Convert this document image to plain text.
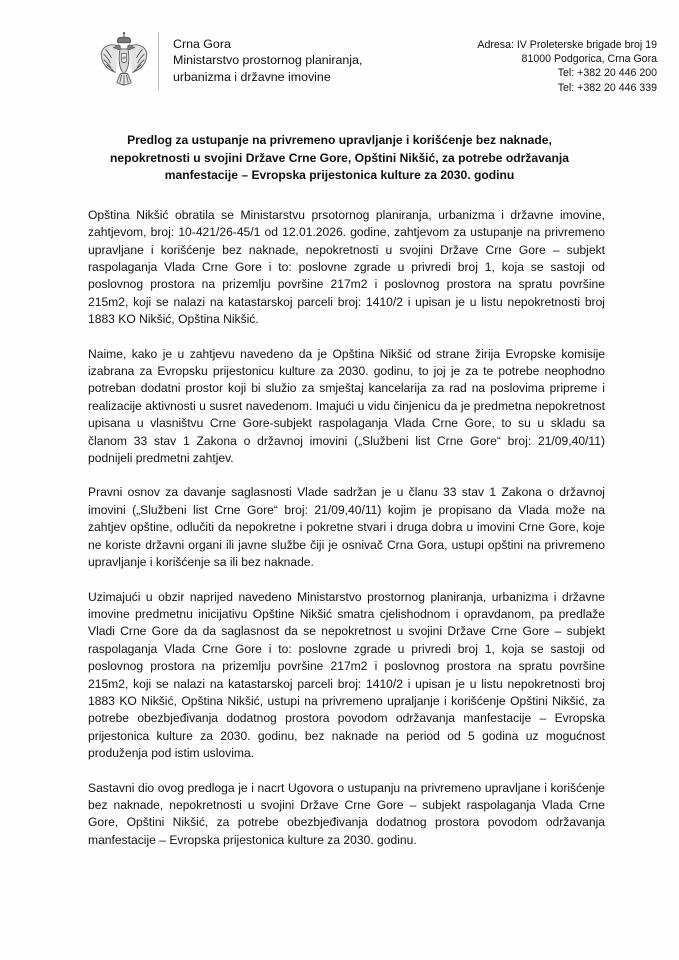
Crna Gora
Ministarstvo prostornog planiranja,
urbanizma i državne imovine
Adresa: IV Proleterske brigade broj 19
81000 Podgorica, Crna Gora
Tel: +382 20 446 200
Tel: +382 20 446 339
Predlog za ustupanje na privremeno upravljanje i korišćenje bez naknade,
nepokretnosti u svojini Države Crne Gore, Opštini Nikšić, za potrebe održavanja
manfestacije – Evropska prijestonica kulture za 2030. godinu

Opština Nikšić obratila se Ministarstvu prsotornog planiranja, urbanizma i državne imovine, zahtjevom, broj: 10-421/26-45/1 od 12.01.2026. godine, zahtjevom za ustupanje na privremeno upravljane i korišćenje bez naknade, nepokretnosti u svojini Države Crne Gore – subjekt raspolaganja Vlada Crne Gore i to: poslovne zgrade u privredi broj 1, koja se sastoji od poslovnog prostora na prizemlju površine 217m2 i poslovnog prostora na spratu površine 215m2, koji se nalazi na katastarskoj parceli broj: 1410/2 i upisan je u listu nepokretnosti broj 1883 KO Nikšić, Opština Nikšić.

Naime, kako je u zahtjevu navedeno da je Opština Nikšić od strane žirija Evropske komisije izabrana za Evropsku prijestonicu kulture za 2030. godinu, to joj je za te potrebe neophodno potreban dodatni prostor koji bi služio za smještaj kancelarija za rad na poslovima pripreme i realizacije aktivnosti u susret navedenom. Imajući u vidu činjenicu da je predmetna nepokretnost upisana u vlasništvu Crne Gore-subjekt raspolaganja Vlada Crne Gore, to su u skladu sa članom 33 stav 1 Zakona o državnoj imovini („Službeni list Crne Gore“ broj: 21/09,40/11) podnijeli predmetni zahtjev.

Pravni osnov za davanje saglasnosti Vlade sadržan je u članu 33 stav 1 Zakona o državnoj imovini („Službeni list Crne Gore“ broj: 21/09,40/11) kojim je propisano da Vlada može na zahtjev opštine, odlučiti da nepokretne i pokretne stvari i druga dobra u imovini Crne Gore, koje ne koriste državni organi ili javne službe čiji je osnivač Crna Gora, ustupi opštini na privremeno upravljanje i korišćenje sa ili bez naknade.

Uzimajući u obzir naprijed navedeno Ministarstvo prostornog planiranja, urbanizma i državne imovine predmetnu inicijativu Opštine Nikšić smatra cjelishodnom i opravdanom, pa predlaže Vladi Crne Gore da da saglasnost da se nepokretnost u svojini Države Crne Gore – subjekt raspolaganja Vlada Crne Gore i to: poslovne zgrade u privredi broj 1, koja se sastoji od poslovnog prostora na prizemlju površine 217m2 i poslovnog prostora na spratu površine 215m2, koji se nalazi na katastarskoj parceli broj: 1410/2 i upisan je u listu nepokretnosti broj 1883 KO Nikšić, Opština Nikšić, ustupi na privremeno upraljanje i korišćenje Opštini Nikšić, za potrebe obezbjeđivanja dodatnog prostora povodom održavanja manfestacije – Evropska prijestonica kulture za 2030. godinu, bez naknade na period od 5 godina uz mogućnost produženja pod istim uslovima.

Sastavni dio ovog predloga je i nacrt Ugovora o ustupanju na privremeno upravljane i korišćenje bez naknade, nepokretnosti u svojini Države Crne Gore – subjekt raspolaganja Vlada Crne Gore, Opštini Nikšić, za potrebe obezbjeđivanja dodatnog prostora povodom održavanja manfestacije – Evropska prijestonica kulture za 2030. godinu.
